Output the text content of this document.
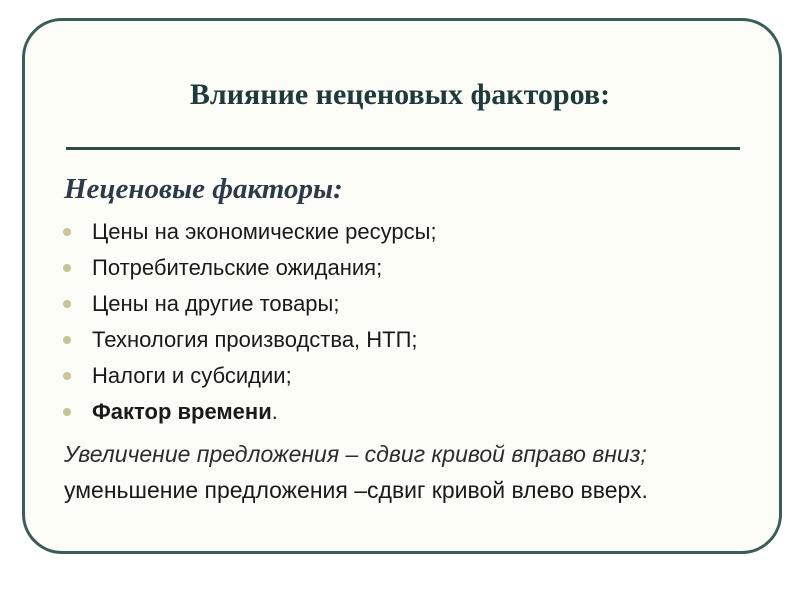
Влияние неценовых факторов:
Неценовые факторы:
Цены на экономические ресурсы;
Потребительские ожидания;
Цены на другие товары;
Технология производства, НТП;
Налоги и субсидии;
Фактор времени.

Увеличение предложения – сдвиг кривой вправо вниз; уменьшение предложения –сдвиг кривой влево вверх.
